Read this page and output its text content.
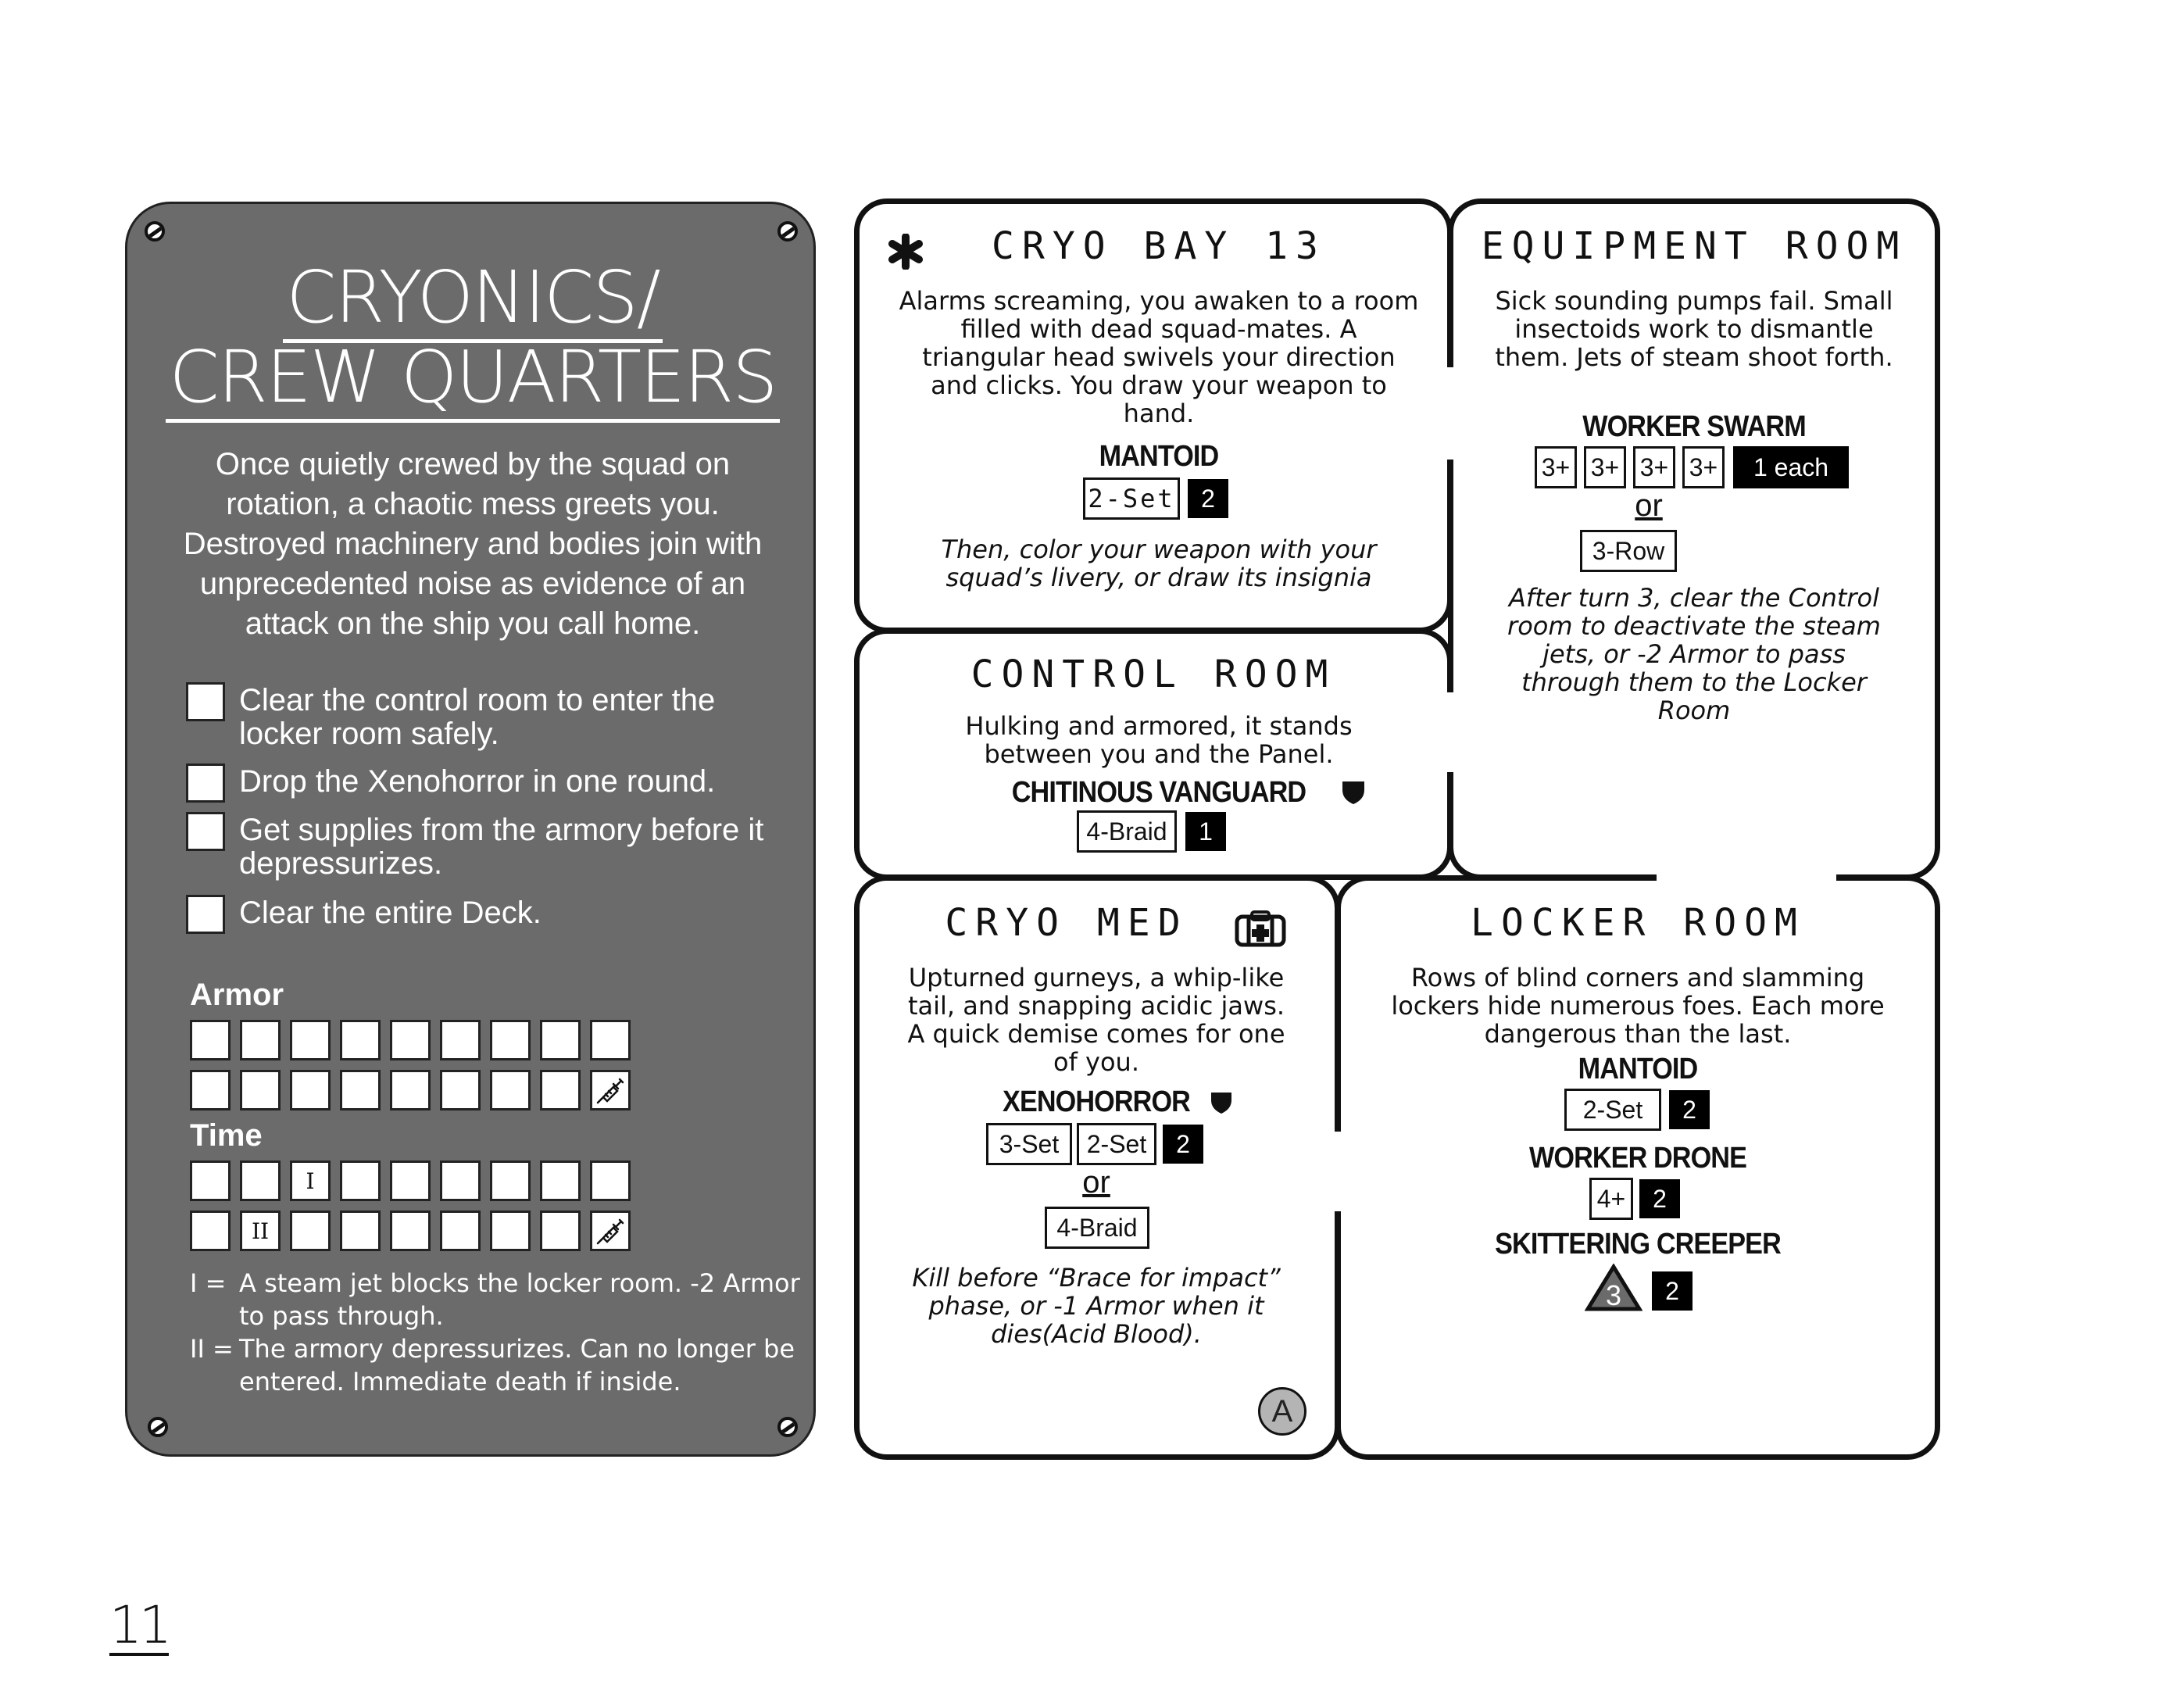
CRYONICS/
CREW QUARTERS
Once quietly crewed by the squad on rotation, a chaotic mess greets you. Destroyed machinery and bodies join with unprecedented noise as evidence of an attack on the ship you call home.
Clear the control room to enter the locker room safely.
Drop the Xenohorror in one round.
Get supplies from the armory before it depressurizes.
Clear the entire Deck.
Armor
Time
I
II
I = A steam jet blocks the locker room. -2 Armor to pass through.
II = The armory depressurizes. Can no longer be entered. Immediate death if inside.
CRYO BAY 13
Alarms screaming, you awaken to a room filled with dead squad-mates. A triangular head swivels your direction and clicks. You draw your weapon to hand.
MANTOID
2-Set	2
Then, color your weapon with your squad’s livery, or draw its insignia
EQUIPMENT ROOM
Sick sounding pumps fail. Small insectoids work to dismantle them. Jets of steam shoot forth.
WORKER SWARM
3+ 3+ 3+ 3+	1 each
or
3-Row
After turn 3, clear the Control room to deactivate the steam jets, or -2 Armor to pass through them to the Locker Room
CONTROL ROOM
Hulking and armored, it stands between you and the Panel.
CHITINOUS VANGUARD
4-Braid	1
CRYO MED
Upturned gurneys, a whip-like tail, and snapping acidic jaws. A quick demise comes for one of you.
XENOHORROR
3-Set	2-Set	2
or
4-Braid
Kill before “Brace for impact” phase, or -1 Armor when it dies(Acid Blood).
A
LOCKER ROOM
Rows of blind corners and slamming lockers hide numerous foes. Each more dangerous than the last.
MANTOID
2-Set	2
WORKER DRONE
4+	2
SKITTERING CREEPER
3	2
11
